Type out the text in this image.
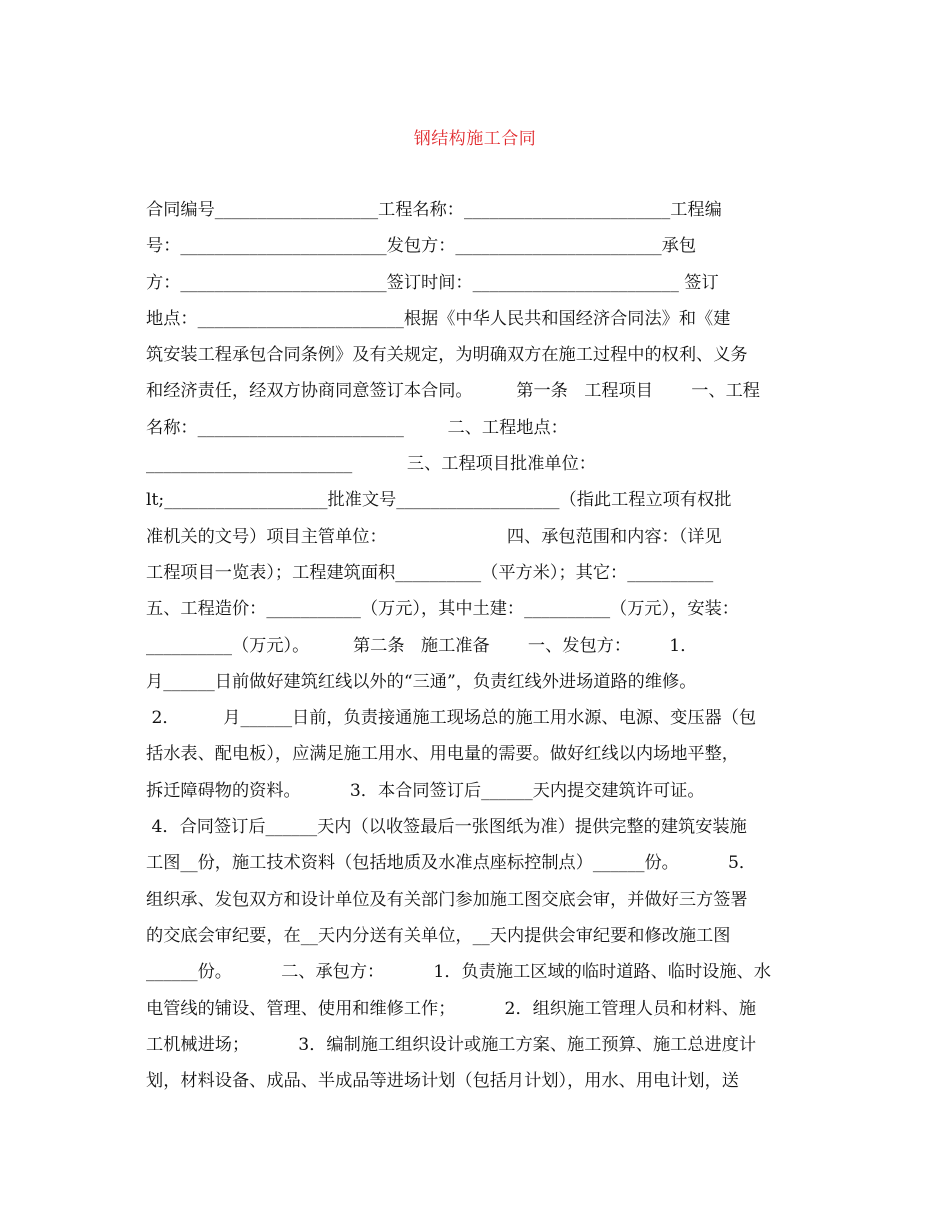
钢结构施工合同
合同编号___________________工程名称：________________________工程编
号：________________________发包方：________________________承包
方：________________________签订时间：________________________ 签订
地点：________________________根据《中华人民共和国经济合同法》和《建
筑安装工程承包合同条例》及有关规定，为明确双方在施工过程中的权利、义务
和经济责任，经双方协商同意签订本合同。        第一条   工程项目       一、工程
名称：________________________        二、工程地点：
________________________          三、工程项目批准单位：
lt;___________________批准文号___________________（指此工程立项有权批
准机关的文号）项目主管单位：                      四、承包范围和内容：（详见
工程项目一览表）；工程建筑面积__________（平方米）；其它：__________
五、工程造价：___________（万元），其中土建：__________（万元），安装：
__________（万元）。        第二条   施工准备       一、发包方：       1．
月______日前做好建筑红线以外的“三通”，负责红线外进场道路的维修。
2．        月______日前，负责接通施工现场总的施工用水源、电源、变压器（包
括水表、配电板），应满足施工用水、用电量的需要。做好红线以内场地平整，
拆迁障碍物的资料。         3．本合同签订后______天内提交建筑许可证。
4．合同签订后______天内（以收签最后一张图纸为准）提供完整的建筑安装施
工图__份，施工技术资料（包括地质及水准点座标控制点）______份。         5．
组织承、发包双方和设计单位及有关部门参加施工图交底会审，并做好三方签署
的交底会审纪要，在__天内分送有关单位，__天内提供会审纪要和修改施工图
______份。         二、承包方：         1．负责施工区域的临时道路、临时设施、水
电管线的铺设、管理、使用和维修工作；         2．组织施工管理人员和材料、施
工机械进场；         3．编制施工组织设计或施工方案、施工预算、施工总进度计
划，材料设备、成品、半成品等进场计划（包括月计划），用水、用电计划，送
